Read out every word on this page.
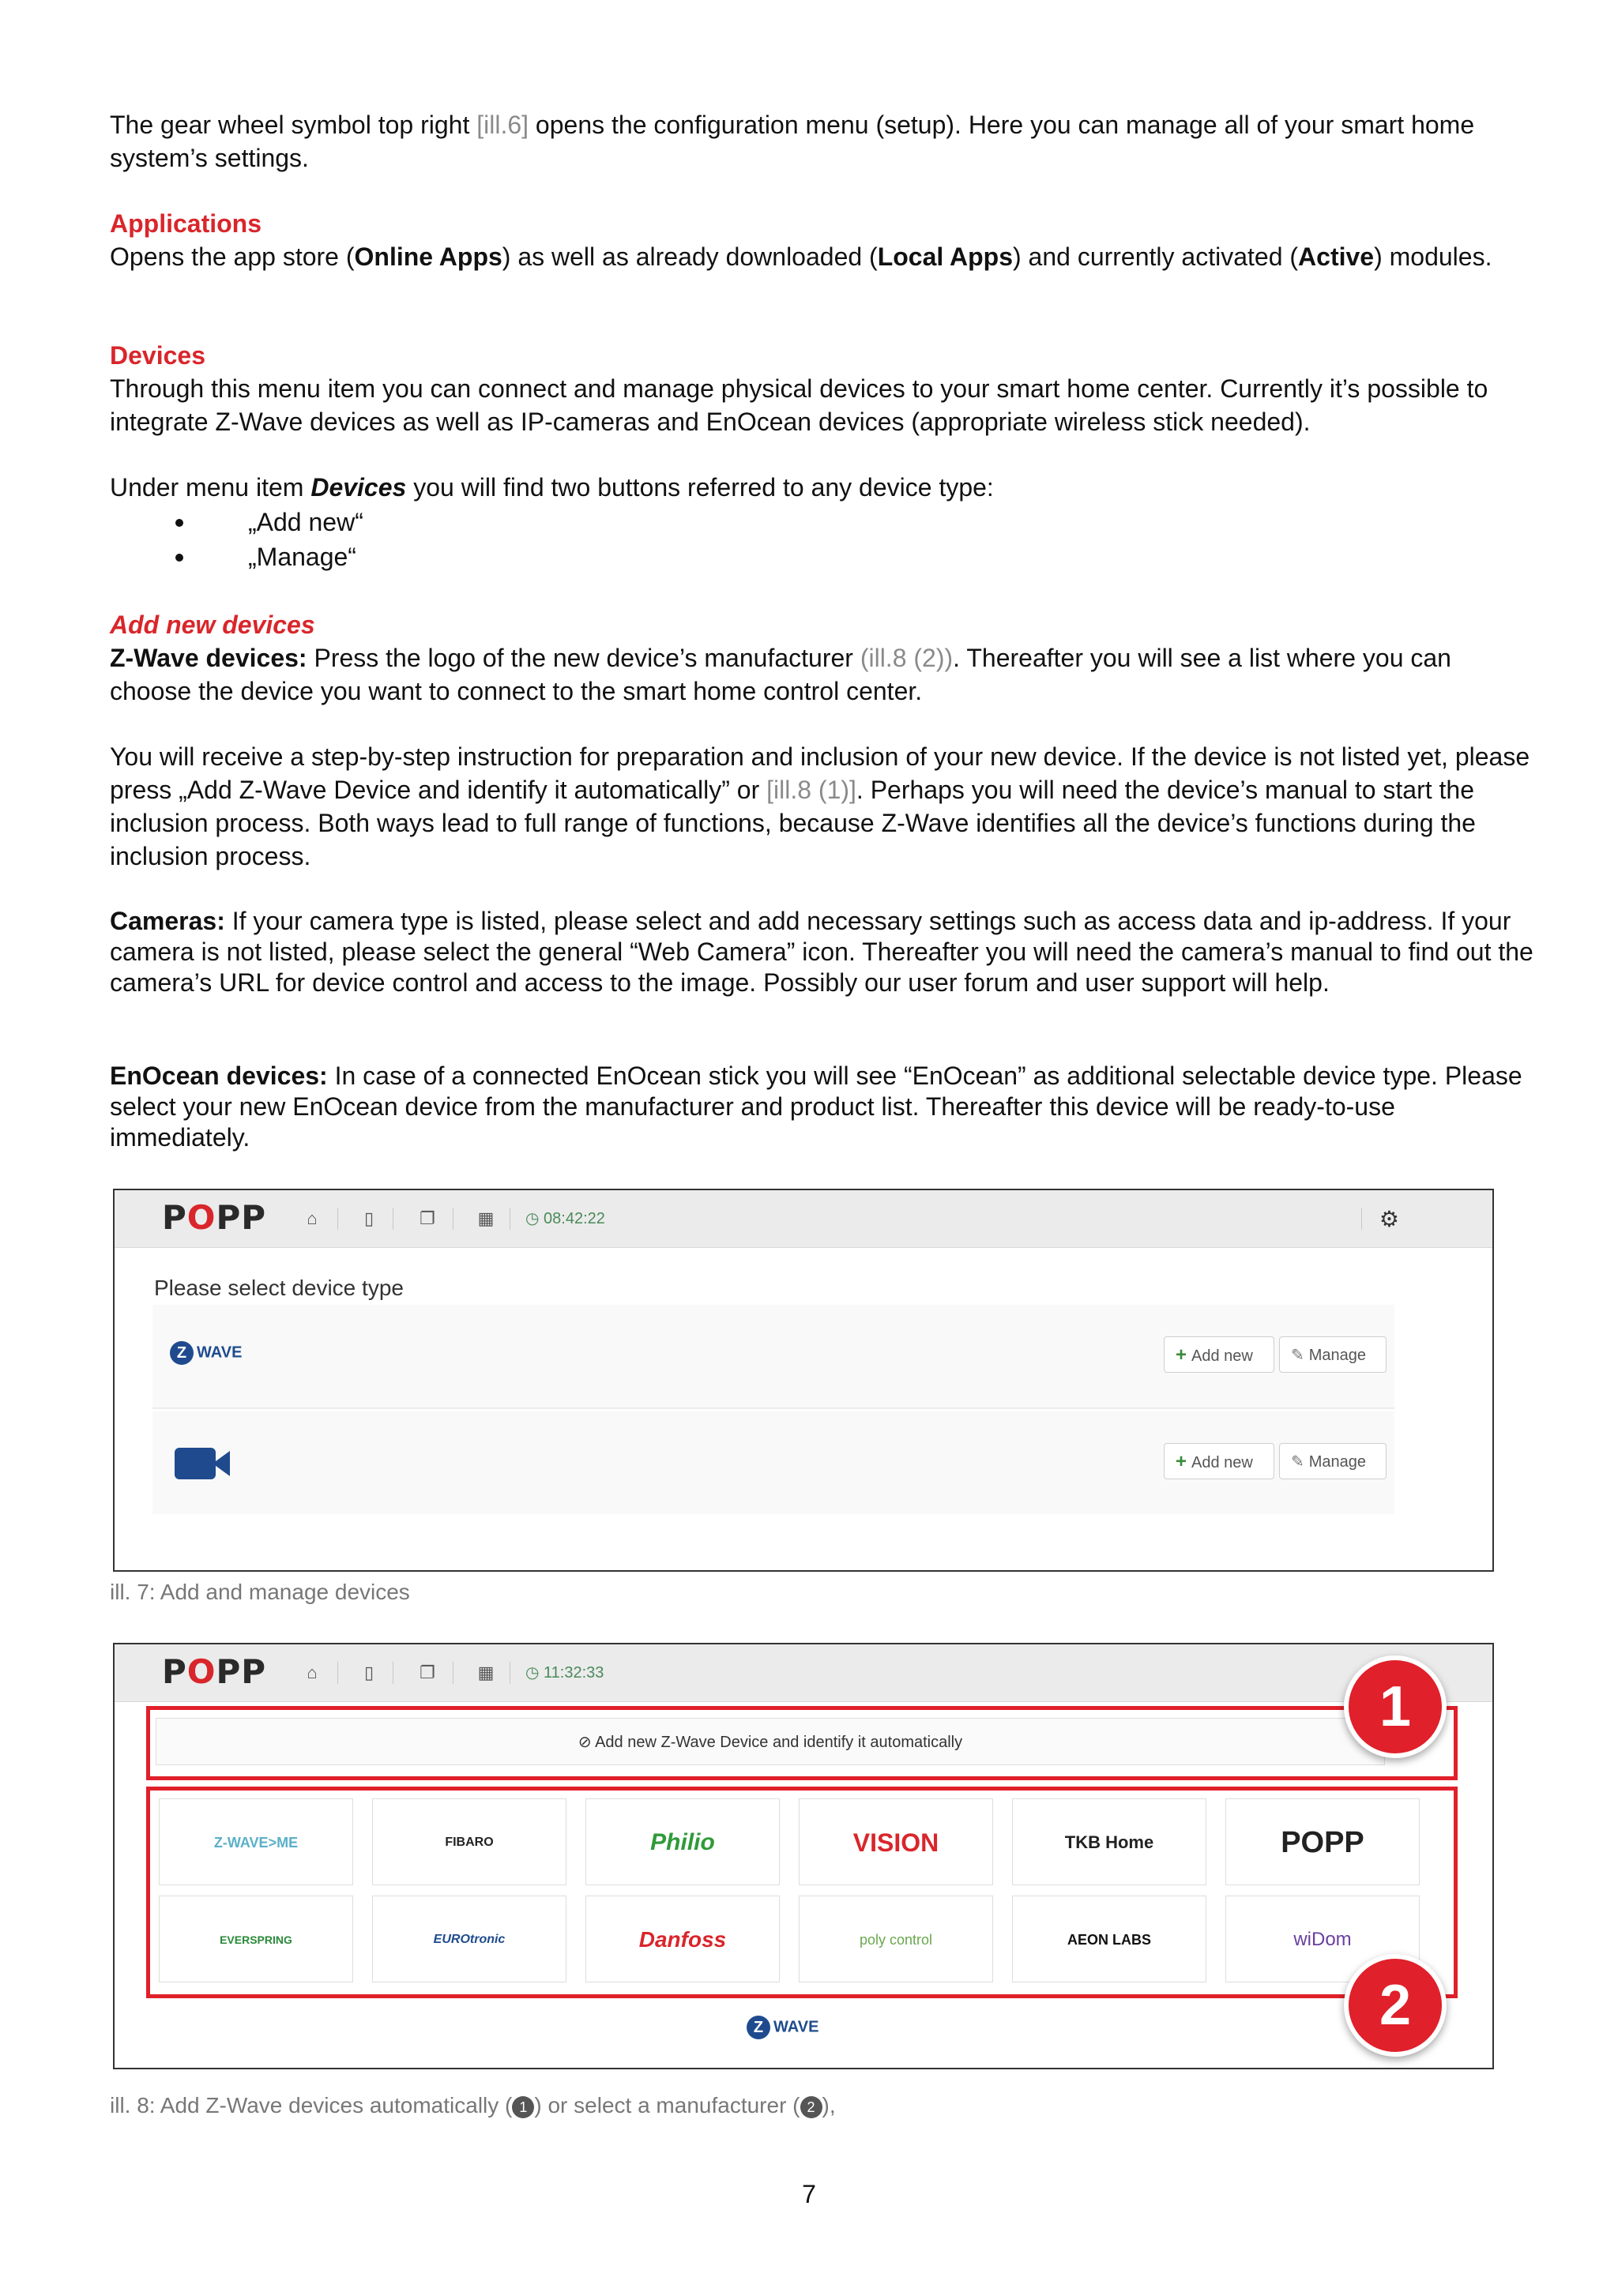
The gear wheel symbol top right [ill.6] opens the configuration menu (setup). Here you can manage all of your smart home system’s settings.
Applications
Opens the app store (Online Apps) as well as already downloaded (Local Apps) and currently activated (Active) modules.
Devices
Through this menu item you can connect and manage physical devices to your smart home center. Currently it’s possible to integrate Z-Wave devices as well as IP-cameras and EnOcean devices (appropriate wireless stick needed).
Under menu item Devices you will find two buttons referred to any device type:
„Add new“
„Manage“
Add new devices
Z-Wave devices: Press the logo of the new device’s manufacturer (ill.8 (2)). Thereafter you will see a list where you can choose the device you want to connect to the smart home control center.
You will receive a step-by-step instruction for preparation and inclusion of your new device. If the device is not listed yet, please press „Add Z-Wave Device and identify it automatically” or [ill.8 (1)]. Perhaps you will need the device’s manual to start the inclusion process. Both ways lead to full range of functions, because Z-Wave identifies all the device’s functions during the inclusion process.
Cameras: If your camera type is listed, please select and add necessary settings such as access data and ip-address. If your camera is not listed, please select the general “Web Camera” icon. Thereafter you will need the camera’s manual to find out the camera’s URL for device control and access to the image. Possibly our user forum and user support will help.
EnOcean devices: In case of a connected EnOcean stick you will see “EnOcean” as additional selectable device type. Please select your new EnOcean device from the manufacturer and product list. Thereafter this device will be ready-to-use immediately.
POPP ⌂	▯	❐ ▦ ◷ 08:42:22	⚙
Please select device type
Z WAVE	+ Add new	✎ Manage
+ Add new	✎ Manage
ill. 7: Add and manage devices
POPP ⌂	▯	❐ ▦ ◷ 11:32:33
⊘ Add new Z-Wave Device and identify it automatically
Z-WAVE>ME	FIBARO	Philio	VISION	TKB Home	POPP
EVERSPRING	EUROtronic	Danfoss	poly control	AEON LABS	wiDom
1
2
Z WAVE
ill. 8: Add Z-Wave devices automatically ( 1 ) or select a manufacturer ( 2 ),
7
